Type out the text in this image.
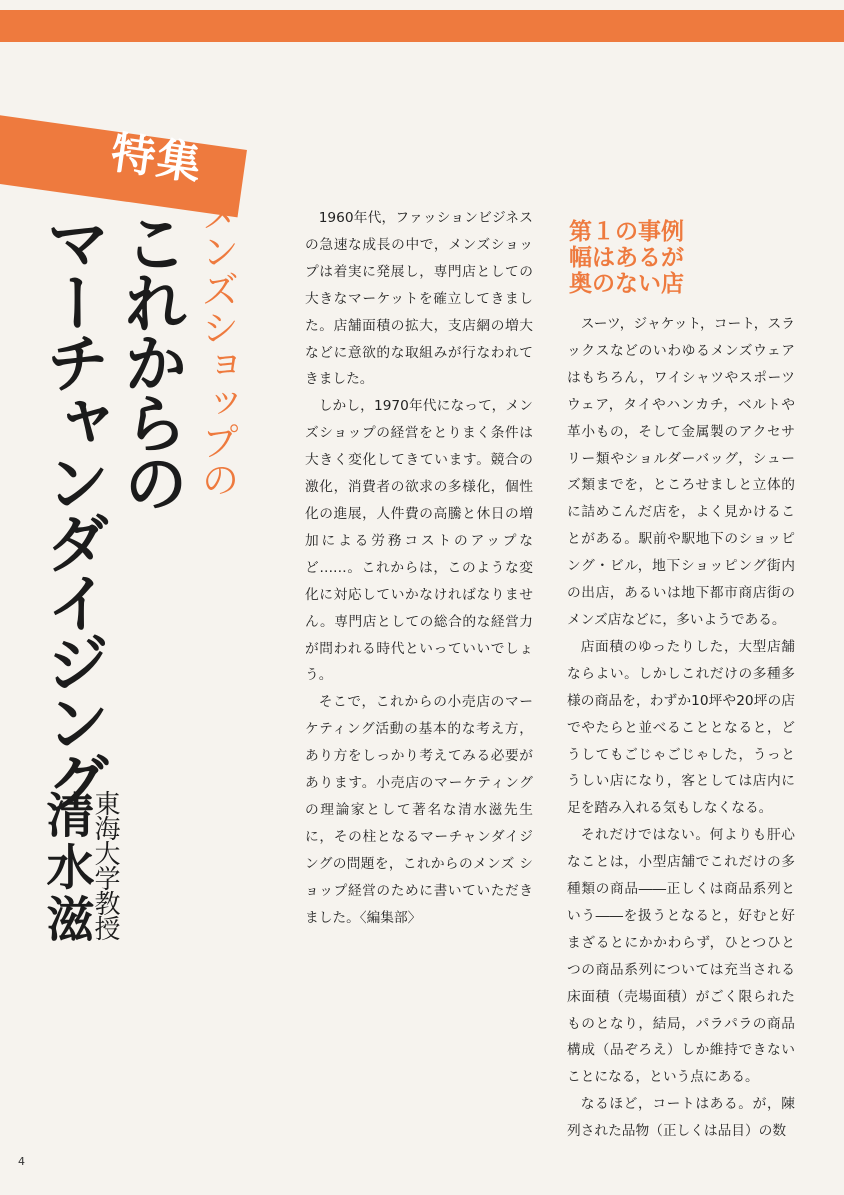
特集
メンズショップの
これからの
マーチャンダイジング
東海大学教授
清水滋

1960年代，ファッションビジネスの急速な成長の中で，メンズショップは着実に発展し，専門店としての大きなマーケットを確立してきました。店舗面積の拡大，支店網の増大などに意欲的な取組みが行なわれてきました。

しかし，1970年代になって，メンズショップの経営をとりまく条件は大きく変化してきています。競合の激化，消費者の欲求の多様化，個性化の進展，人件費の高騰と休日の増加による労務コストのアップなど……。これからは，このような変化に対応していかなければなりません。専門店としての総合的な経営力が問われる時代といっていいでしょう。

そこで，これからの小売店のマーケティング活動の基本的な考え方，あり方をしっかり考えてみる必要があります。小売店のマーケティングの理論家として著名な清水滋先生に，その柱となるマーチャンダイジングの問題を，これからのメンズ ショップ経営のために書いていただきました。〈編集部〉

第１の事例
幅はあるが
奥のない店

スーツ，ジャケット，コート，スラックスなどのいわゆるメンズウェアはもちろん，ワイシャツやスポーツウェア，タイやハンカチ，ベルトや革小もの，そして金属製のアクセサリー類やショルダーバッグ，シューズ類までを，ところせましと立体的に詰めこんだ店を，よく見かけることがある。駅前や駅地下のショッピング・ビル，地下ショッピング街内の出店，あるいは地下都市商店街のメンズ店などに，多いようである。

店面積のゆったりした，大型店舗ならよい。しかしこれだけの多種多様の商品を，わずか10坪や20坪の店でやたらと並べることとなると，どうしてもごじゃごじゃした，うっとうしい店になり，客としては店内に足を踏み入れる気もしなくなる。

それだけではない。何よりも肝心なことは，小型店舗でこれだけの多種類の商品――正しくは商品系列という――を扱うとなると，好むと好まざるとにかかわらず，ひとつひとつの商品系列については充当される床面積（売場面積）がごく限られたものとなり，結局，パラパラの商品構成（品ぞろえ）しか維持できないことになる，という点にある。

なるほど，コートはある。が，陳列された品物（正しくは品目）の数

4
